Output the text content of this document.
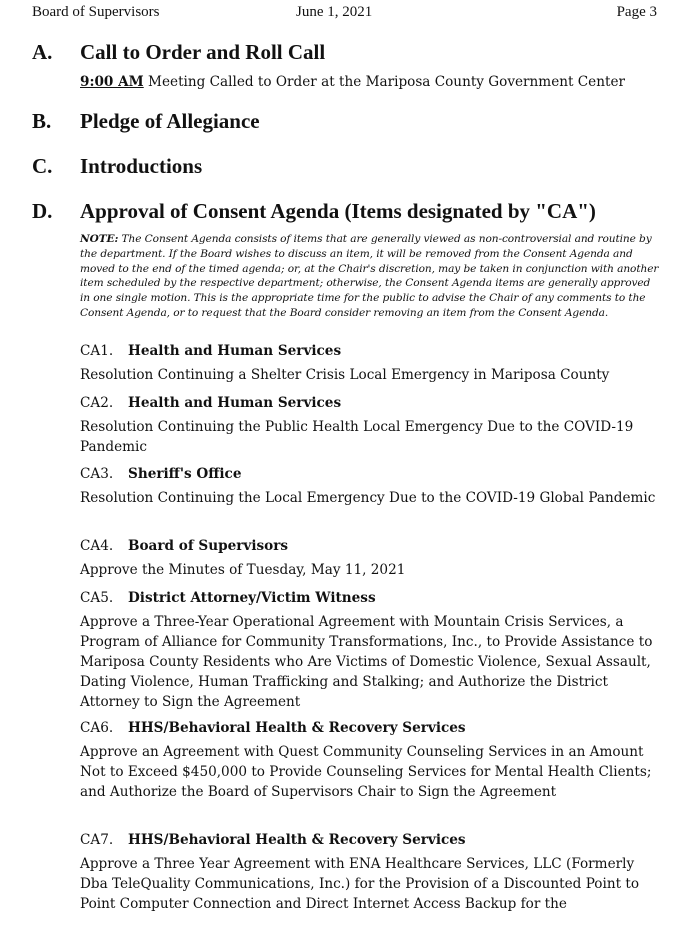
Board of Supervisors	June 1, 2021	Page 3
A. Call to Order and Roll Call
9:00 AM Meeting Called to Order at the Mariposa County Government Center
B. Pledge of Allegiance
C. Introductions
D. Approval of Consent Agenda (Items designated by "CA")
NOTE: The Consent Agenda consists of items that are generally viewed as non-controversial and routine by the department. If the Board wishes to discuss an item, it will be removed from the Consent Agenda and moved to the end of the timed agenda; or, at the Chair's discretion, may be taken in conjunction with another item scheduled by the respective department; otherwise, the Consent Agenda items are generally approved in one single motion. This is the appropriate time for the public to advise the Chair of any comments to the Consent Agenda, or to request that the Board consider removing an item from the Consent Agenda.
CA1. Health and Human Services
Resolution Continuing a Shelter Crisis Local Emergency in Mariposa County
CA2. Health and Human Services
Resolution Continuing the Public Health Local Emergency Due to the COVID-19 Pandemic
CA3. Sheriff's Office
Resolution Continuing the Local Emergency Due to the COVID-19 Global Pandemic
CA4. Board of Supervisors
Approve the Minutes of Tuesday, May 11, 2021
CA5. District Attorney/Victim Witness
Approve a Three-Year Operational Agreement with Mountain Crisis Services, a Program of Alliance for Community Transformations, Inc., to Provide Assistance to Mariposa County Residents who Are Victims of Domestic Violence, Sexual Assault, Dating Violence, Human Trafficking and Stalking; and Authorize the District Attorney to Sign the Agreement
CA6. HHS/Behavioral Health & Recovery Services
Approve an Agreement with Quest Community Counseling Services in an Amount Not to Exceed $450,000 to Provide Counseling Services for Mental Health Clients; and Authorize the Board of Supervisors Chair to Sign the Agreement
CA7. HHS/Behavioral Health & Recovery Services
Approve a Three Year Agreement with ENA Healthcare Services, LLC (Formerly Dba TeleQuality Communications, Inc.) for the Provision of a Discounted Point to Point Computer Connection and Direct Internet Access Backup for the
